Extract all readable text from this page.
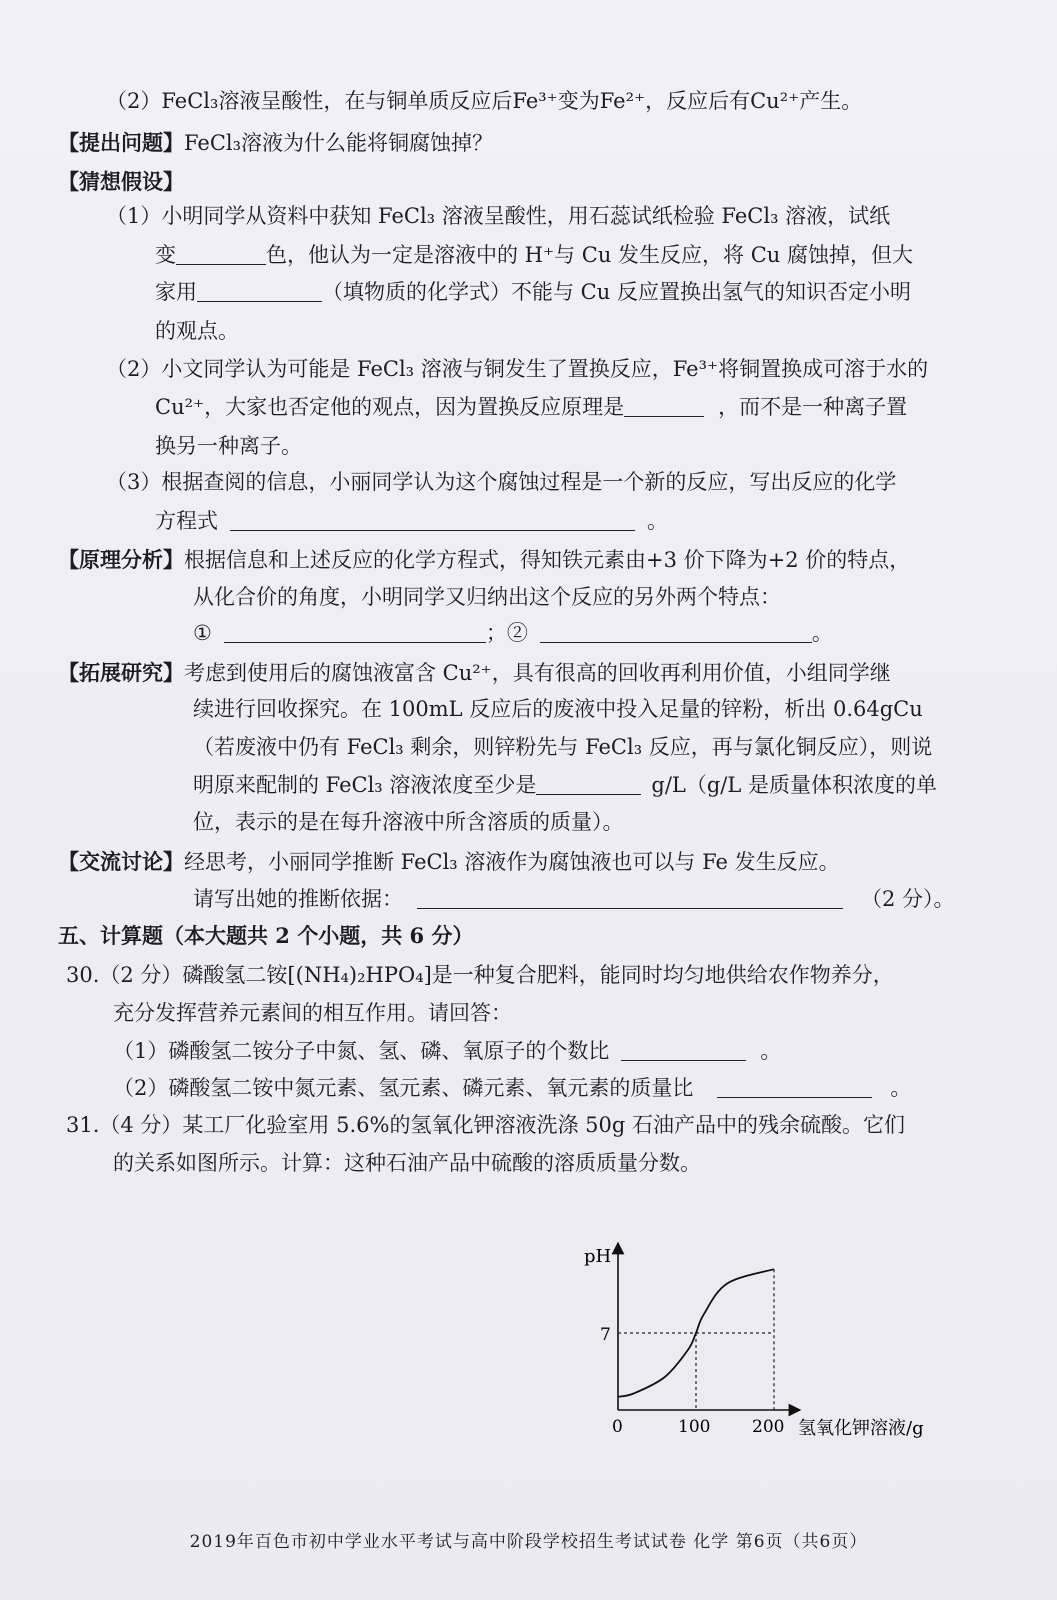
（2）FeCl₃溶液呈酸性，在与铜单质反应后Fe³⁺变为Fe²⁺，反应后有Cu²⁺产生。
【提出问题】FeCl₃溶液为什么能将铜腐蚀掉？
【猜想假设】
（1）小明同学从资料中获知 FeCl₃ 溶液呈酸性，用石蕊试纸检验 FeCl₃ 溶液，试纸
变	色，他认为一定是溶液中的 H⁺与 Cu 发生反应，将 Cu 腐蚀掉，但大
家用	（填物质的化学式）不能与 Cu 反应置换出氢气的知识否定小明
的观点。
（2）小文同学认为可能是 FeCl₃ 溶液与铜发生了置换反应，Fe³⁺将铜置换成可溶于水的
Cu²⁺，大家也否定他的观点，因为置换反应原理是	，而不是一种离子置
换另一种离子。
（3）根据查阅的信息，小丽同学认为这个腐蚀过程是一个新的反应，写出反应的化学
方程式	。
【原理分析】根据信息和上述反应的化学方程式，得知铁元素由+3 价下降为+2 价的特点，
从化合价的角度，小明同学又归纳出这个反应的另外两个特点：
①	；②	。
【拓展研究】考虑到使用后的腐蚀液富含 Cu²⁺，具有很高的回收再利用价值，小组同学继
续进行回收探究。在 100mL 反应后的废液中投入足量的锌粉，析出 0.64gCu
（若废液中仍有 FeCl₃ 剩余，则锌粉先与 FeCl₃ 反应，再与氯化铜反应），则说
明原来配制的 FeCl₃ 溶液浓度至少是	g/L（g/L 是质量体积浓度的单
位，表示的是在每升溶液中所含溶质的质量）。
【交流讨论】经思考，小丽同学推断 FeCl₃ 溶液作为腐蚀液也可以与 Fe 发生反应。
请写出她的推断依据：	（2 分）。
五、计算题（本大题共 2 个小题，共 6 分）
30.（2 分）磷酸氢二铵[(NH₄)₂HPO₄]是一种复合肥料，能同时均匀地供给农作物养分，
充分发挥营养元素间的相互作用。请回答：
（1）磷酸氢二铵分子中氮、氢、磷、氧原子的个数比	。
（2）磷酸氢二铵中氮元素、氢元素、磷元素、氧元素的质量比	。
31.（4 分）某工厂化验室用 5.6%的氢氧化钾溶液洗涤 50g 石油产品中的残余硫酸。它们
的关系如图所示。计算：这种石油产品中硫酸的溶质质量分数。
pH
氢氧化钾溶液/g
0	100 200
7
2019年百色市初中学业水平考试与高中阶段学校招生考试试卷 化学 第6页（共6页）
